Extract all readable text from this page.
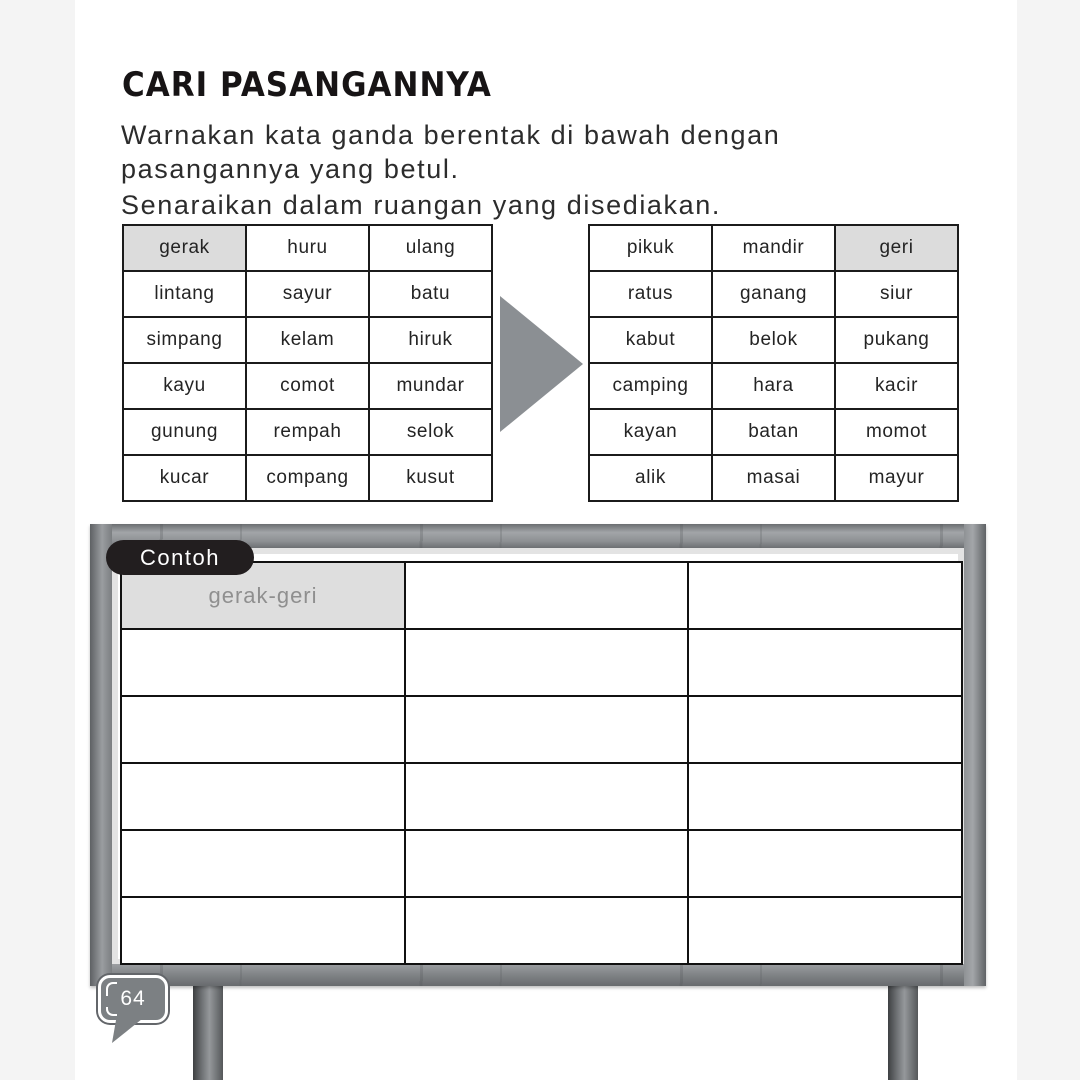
CARI PASANGANNYA
Warnakan kata ganda berentak di bawah dengan
pasangannya yang betul.
Senaraikan dalam ruangan yang disediakan.
gerak	huru	ulang
lintang	sayur	batu
simpang	kelam	hiruk
kayu	comot	mundar
gunung	rempah	selok
kucar	compang	kusut
pikuk	mandir	geri
ratus	ganang	siur
kabut	belok	pukang
camping	hara	kacir
kayan	batan	momot
alik	masai	mayur
Contoh
gerak-geri		

64
